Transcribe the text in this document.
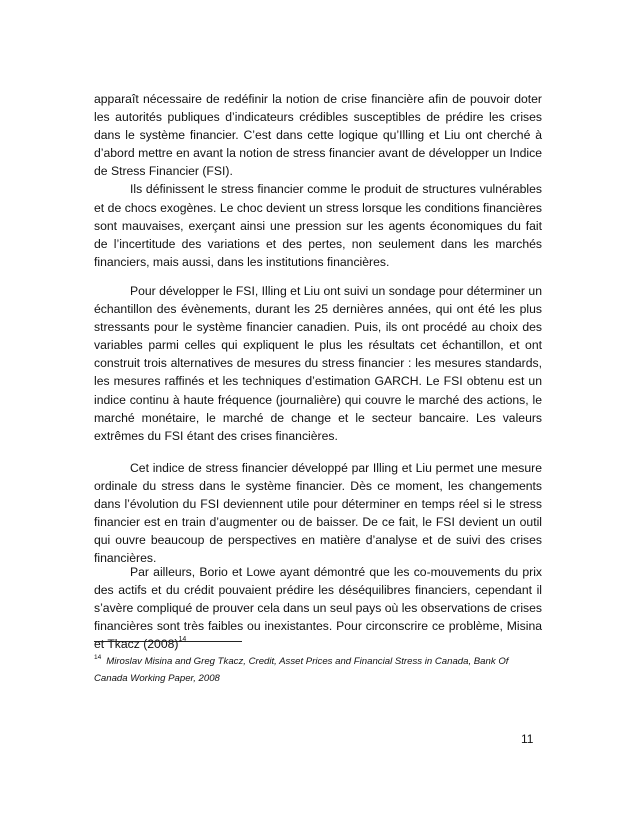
apparaît nécessaire de redéfinir la notion de crise financière afin de pouvoir doter les autorités publiques d’indicateurs crédibles susceptibles de prédire les crises dans le système financier. C’est dans cette logique qu’Illing et Liu ont cherché à d’abord mettre en avant la notion de stress financier avant de développer un Indice de Stress Financier (FSI).

Ils définissent le stress financier comme le produit de structures vulnérables et de chocs exogènes. Le choc devient un stress lorsque les conditions financières sont mauvaises, exerçant ainsi une pression sur les agents économiques du fait de l’incertitude des variations et des pertes, non seulement dans les marchés financiers, mais aussi, dans les institutions financières.

Pour développer le FSI, Illing et Liu ont suivi un sondage pour déterminer un échantillon des évènements, durant les 25 dernières années, qui ont été les plus stressants pour le système financier canadien. Puis, ils ont procédé au choix des variables parmi celles qui expliquent le plus les résultats cet échantillon, et ont construit trois alternatives de mesures du stress financier : les mesures standards, les mesures raffinés et les techniques d’estimation GARCH. Le FSI obtenu est un indice continu à haute fréquence (journalière) qui couvre le marché des actions, le marché monétaire, le marché de change et le secteur bancaire. Les valeurs extrêmes du FSI étant des crises financières.

Cet indice de stress financier développé par Illing et Liu permet une mesure ordinale du stress dans le système financier. Dès ce moment, les changements dans l’évolution du FSI deviennent utile pour déterminer en temps réel si le stress financier est en train d’augmenter ou de baisser. De ce fait, le FSI devient un outil qui ouvre beaucoup de perspectives en matière d’analyse et de suivi des crises financières.

Par ailleurs, Borio et Lowe ayant démontré que les co-mouvements du prix des actifs et du crédit pouvaient prédire les déséquilibres financiers, cependant il s’avère compliqué de prouver cela dans un seul pays où les observations de crises financières sont très faibles ou inexistantes. Pour circonscrire ce problème, Misina et Tkacz $(2008)^{14}$

$^{14}$ Miroslav Misina and Greg Tkacz, Credit, Asset Prices and Financial Stress in Canada, Bank Of Canada Working Paper, 2008
11
